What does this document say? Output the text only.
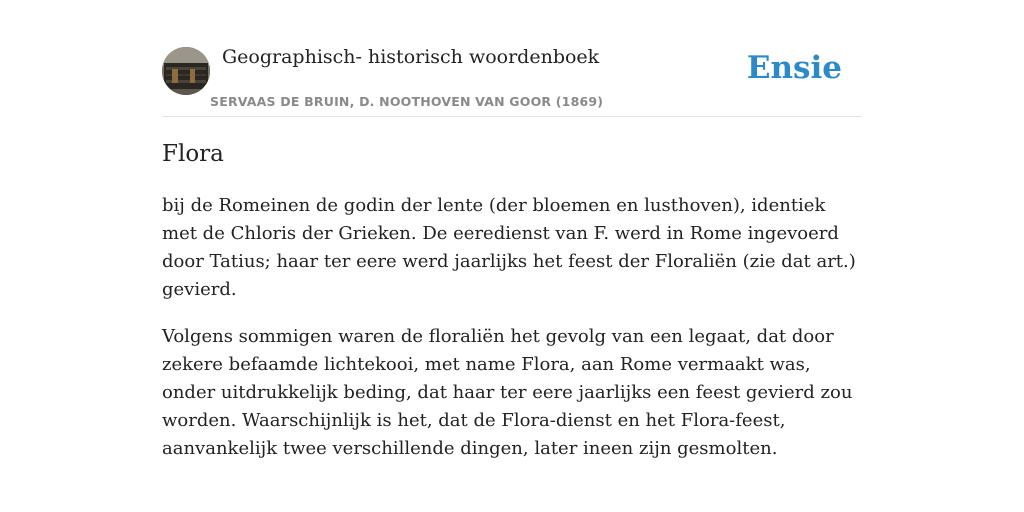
Geographisch- historisch woordenboek
SERVAAS DE BRUIN, D. NOOTHOVEN VAN GOOR (1869)
Ensie
Flora

bij de Romeinen de godin der lente (der bloemen en lusthoven), identiek met de Chloris der Grieken. De eeredienst van F. werd in Rome ingevoerd door Tatius; haar ter eere werd jaarlijks het feest der Floraliën (zie dat art.) gevierd.

Volgens sommigen waren de floraliën het gevolg van een legaat, dat door zekere befaamde lichtekooi, met name Flora, aan Rome vermaakt was, onder uitdrukkelijk beding, dat haar ter eere jaarlijks een feest gevierd zou worden. Waarschijnlijk is het, dat de Flora-dienst en het Flora-feest, aanvankelijk twee verschillende dingen, later ineen zijn gesmolten.
